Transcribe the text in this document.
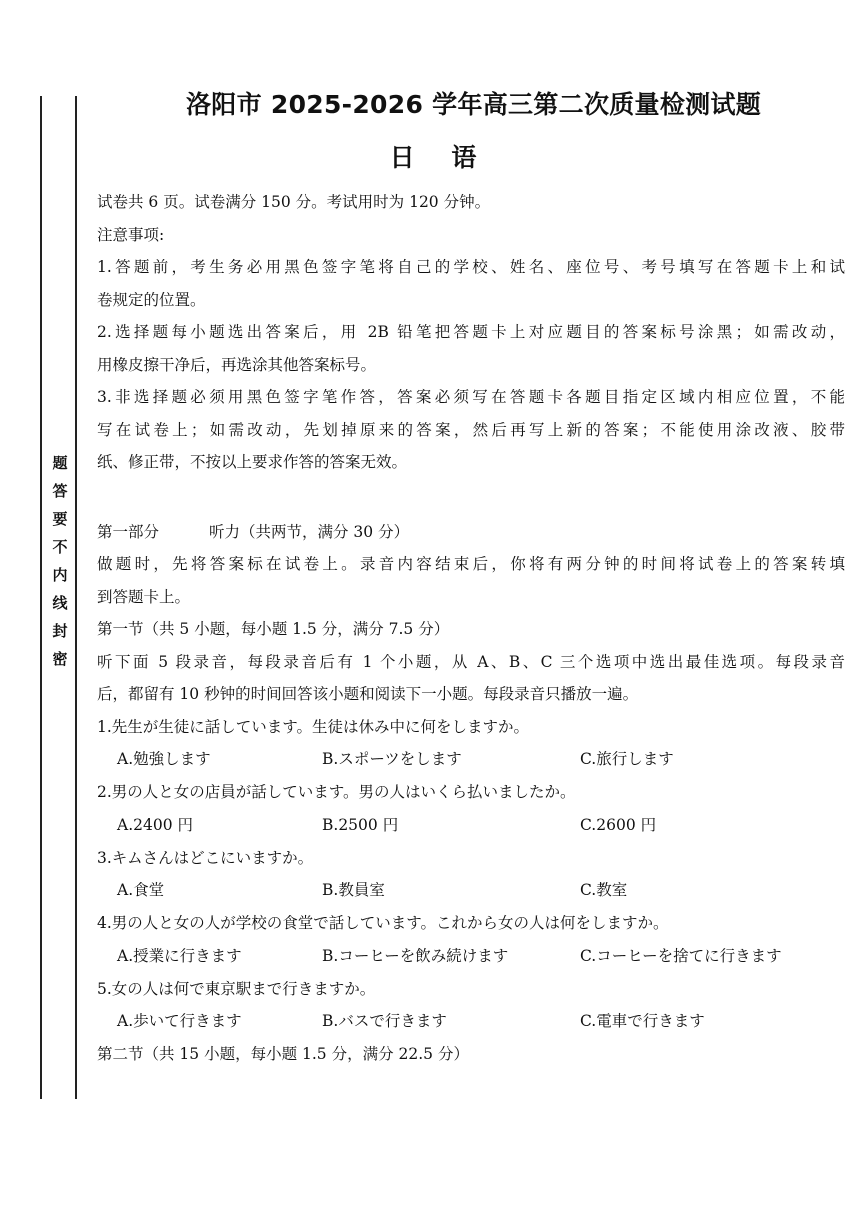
题
答
要
不
内
线
封
密
洛阳市 2025-2026 学年高三第二次质量检测试题
日 语
试卷共 6 页。试卷满分 150 分。考试用时为 120 分钟。
注意事项:
1.答题前，考生务必用黑色签字笔将自己的学校、姓名、座位号、考号填写在答题卡上和试
卷规定的位置。
2.选择题每小题选出答案后，用 2B 铅笔把答题卡上对应题目的答案标号涂黑；如需改动，
用橡皮擦干净后，再选涂其他答案标号。
3.非选择题必须用黑色签字笔作答，答案必须写在答题卡各题目指定区域内相应位置，不能
写在试卷上；如需改动，先划掉原来的答案，然后再写上新的答案；不能使用涂改液、胶带
纸、修正带，不按以上要求作答的答案无效。
第一部分	听力（共两节，满分 30 分）
做题时，先将答案标在试卷上。录音内容结束后，你将有两分钟的时间将试卷上的答案转填
到答题卡上。
第一节（共 5 小题，每小题 1.5 分，满分 7.5 分）
听下面 5 段录音，每段录音后有 1 个小题，从 A、B、C 三个选项中选出最佳选项。每段录音
后，都留有 10 秒钟的时间回答该小题和阅读下一小题。每段录音只播放一遍。
1.先生が生徒に話しています。生徒は休み中に何をしますか。
A.勉強します	B.スポーツをします	C.旅行します
2.男の人と女の店員が話しています。男の人はいくら払いましたか。
A.2400 円	B.2500 円	C.2600 円
3.キムさんはどこにいますか。
A.食堂	B.教員室	C.教室
4.男の人と女の人が学校の食堂で話しています。これから女の人は何をしますか。
A.授業に行きます	B.コーヒーを飲み続けます	C.コーヒーを捨てに行きます
5.女の人は何で東京駅まで行きますか。
A.歩いて行きます	B.バスで行きます	C.電車で行きます
第二节（共 15 小题，每小题 1.5 分，满分 22.5 分）
